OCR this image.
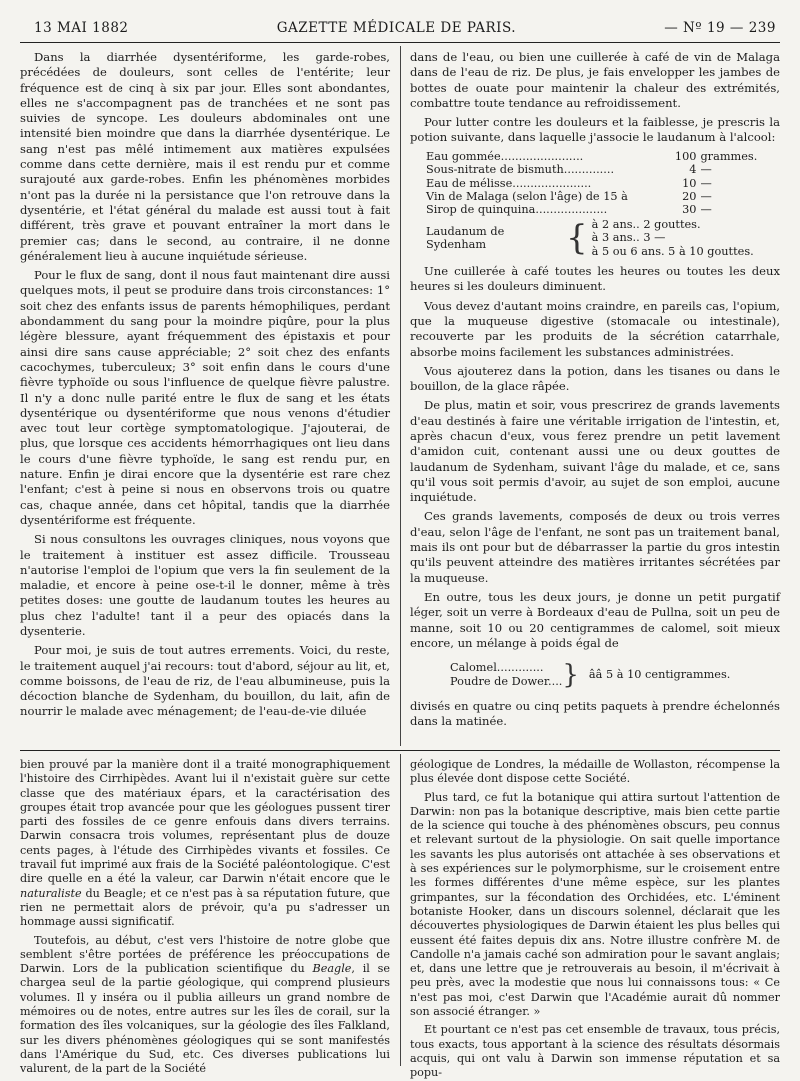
13 MAI 1882	GAZETTE MÉDICALE DE PARIS.	— Nº 19 — 239

Dans la diarrhée dysentériforme, les garde-robes, précédées de douleurs, sont celles de l'entérite; leur fréquence est de cinq à six par jour. Elles sont abondantes, elles ne s'accompagnent pas de tranchées et ne sont pas suivies de syncope. Les douleurs abdominales ont une intensité bien moindre que dans la diarrhée dysentérique. Le sang n'est pas mêlé intimement aux matières expulsées comme dans cette dernière, mais il est rendu pur et comme surajouté aux garde-robes. Enfin les phénomènes morbides n'ont pas la durée ni la persistance que l'on retrouve dans la dysentérie, et l'état général du malade est aussi tout à fait différent, très grave et pouvant entraîner la mort dans le premier cas; dans le second, au contraire, il ne donne généralement lieu à aucune inquiétude sérieuse.

Pour le flux de sang, dont il nous faut maintenant dire aussi quelques mots, il peut se produire dans trois circonstances: 1° soit chez des enfants issus de parents hémophiliques, perdant abondamment du sang pour la moindre piqûre, pour la plus légère blessure, ayant fréquemment des épistaxis et pour ainsi dire sans cause appréciable; 2° soit chez des enfants cacochymes, tuberculeux; 3° soit enfin dans le cours d'une fièvre typhoïde ou sous l'influence de quelque fièvre palustre. Il n'y a donc nulle parité entre le flux de sang et les états dysentérique ou dysentériforme que nous venons d'étudier avec tout leur cortège symptomatologique. J'ajouterai, de plus, que lorsque ces accidents hémorrhagiques ont lieu dans le cours d'une fièvre typhoïde, le sang est rendu pur, en nature. Enfin je dirai encore que la dysentérie est rare chez l'enfant; c'est à peine si nous en observons trois ou quatre cas, chaque année, dans cet hôpital, tandis que la diarrhée dysentériforme est fréquente.

Si nous consultons les ouvrages cliniques, nous voyons que le traitement à instituer est assez difficile. Trousseau n'autorise l'emploi de l'opium que vers la fin seulement de la maladie, et encore à peine ose-t-il le donner, même à très petites doses: une goutte de laudanum toutes les heures au plus chez l'adulte! tant il a peur des opiacés dans la dysenterie.

Pour moi, je suis de tout autres errements. Voici, du reste, le traitement auquel j'ai recours: tout d'abord, séjour au lit, et, comme boissons, de l'eau de riz, de l'eau albumineuse, puis la décoction blanche de Sydenham, du bouillon, du lait, afin de nourrir le malade avec ménagement; de l'eau-de-vie diluée

dans de l'eau, ou bien une cuillerée à café de vin de Malaga dans de l'eau de riz. De plus, je fais envelopper les jambes de bottes de ouate pour maintenir la chaleur des extrémités, combattre toute tendance au refroidissement.

Pour lutter contre les douleurs et la faiblesse, je prescris la potion suivante, dans laquelle j'associe le laudanum à l'alcool:

Eau gommée.......................	100 grammes.
Sous-nitrate de bismuth..............	4 —
Eau de mélisse......................	10 —
Vin de Malaga (selon l'âge) de 15 à	20 —
Sirop de quinquina....................	30 —
Laudanum de Sydenham	{ à 2 ans.. 2 gouttes.
à 3 ans.. 3 —
à 5 ou 6 ans. 5 à 10 gouttes.

Une cuillerée à café toutes les heures ou toutes les deux heures si les douleurs diminuent.

Vous devez d'autant moins craindre, en pareils cas, l'opium, que la muqueuse digestive (stomacale ou intestinale), recouverte par les produits de la sécrétion catarrhale, absorbe moins facilement les substances administrées.

Vous ajouterez dans la potion, dans les tisanes ou dans le bouillon, de la glace râpée.

De plus, matin et soir, vous prescrirez de grands lavements d'eau destinés à faire une véritable irrigation de l'intestin, et, après chacun d'eux, vous ferez prendre un petit lavement d'amidon cuit, contenant aussi une ou deux gouttes de laudanum de Sydenham, suivant l'âge du malade, et ce, sans qu'il vous soit permis d'avoir, au sujet de son emploi, aucune inquiétude.

Ces grands lavements, composés de deux ou trois verres d'eau, selon l'âge de l'enfant, ne sont pas un traitement banal, mais ils ont pour but de débarrasser la partie du gros intestin qu'ils peuvent atteindre des matières irritantes sécrétées par la muqueuse.

En outre, tous les deux jours, je donne un petit purgatif léger, soit un verre à Bordeaux d'eau de Pullna, soit un peu de manne, soit 10 ou 20 centigrammes de calomel, soit mieux encore, un mélange à poids égal de

Calomel.............
Poudre de Dower.... } ââ 5 à 10 centigrammes.

divisés en quatre ou cinq petits paquets à prendre échelonnés dans la matinée.

bien prouvé par la manière dont il a traité monographiquement l'histoire des Cirrhipèdes. Avant lui il n'existait guère sur cette classe que des matériaux épars, et la caractérisation des groupes était trop avancée pour que les géologues pussent tirer parti des fossiles de ce genre enfouis dans divers terrains. Darwin consacra trois volumes, représentant plus de douze cents pages, à l'étude des Cirrhipèdes vivants et fossiles. Ce travail fut imprimé aux frais de la Société paléontologique. C'est dire quelle en a été la valeur, car Darwin n'était encore que le naturaliste du Beagle; et ce n'est pas à sa réputation future, que rien ne permettait alors de prévoir, qu'a pu s'adresser un hommage aussi significatif.

Toutefois, au début, c'est vers l'histoire de notre globe que semblent s'être portées de préférence les préoccupations de Darwin. Lors de la publication scientifique du Beagle, il se chargea seul de la partie géologique, qui comprend plusieurs volumes. Il y inséra ou il publia ailleurs un grand nombre de mémoires ou de notes, entre autres sur les îles de corail, sur la formation des îles volcaniques, sur la géologie des îles Falkland, sur les divers phénomènes géologiques qui se sont manifestés dans l'Amérique du Sud, etc. Ces diverses publications lui valurent, de la part de la Société

géologique de Londres, la médaille de Wollaston, récompense la plus élevée dont dispose cette Société.

Plus tard, ce fut la botanique qui attira surtout l'attention de Darwin: non pas la botanique descriptive, mais bien cette partie de la science qui touche à des phénomènes obscurs, peu connus et relevant surtout de la physiologie. On sait quelle importance les savants les plus autorisés ont attachée à ses observations et à ses expériences sur le polymorphisme, sur le croisement entre les formes différentes d'une même espèce, sur les plantes grimpantes, sur la fécondation des Orchidées, etc. L'éminent botaniste Hooker, dans un discours solennel, déclarait que les découvertes physiologiques de Darwin étaient les plus belles qui eussent été faites depuis dix ans. Notre illustre confrère M. de Candolle n'a jamais caché son admiration pour le savant anglais; et, dans une lettre que je retrouverais au besoin, il m'écrivait à peu près, avec la modestie que nous lui connaissons tous: « Ce n'est pas moi, c'est Darwin que l'Académie aurait dû nommer son associé étranger. »

Et pourtant ce n'est pas cet ensemble de travaux, tous précis, tous exacts, tous apportant à la science des résultats désormais acquis, qui ont valu à Darwin son immense réputation et sa popu-
